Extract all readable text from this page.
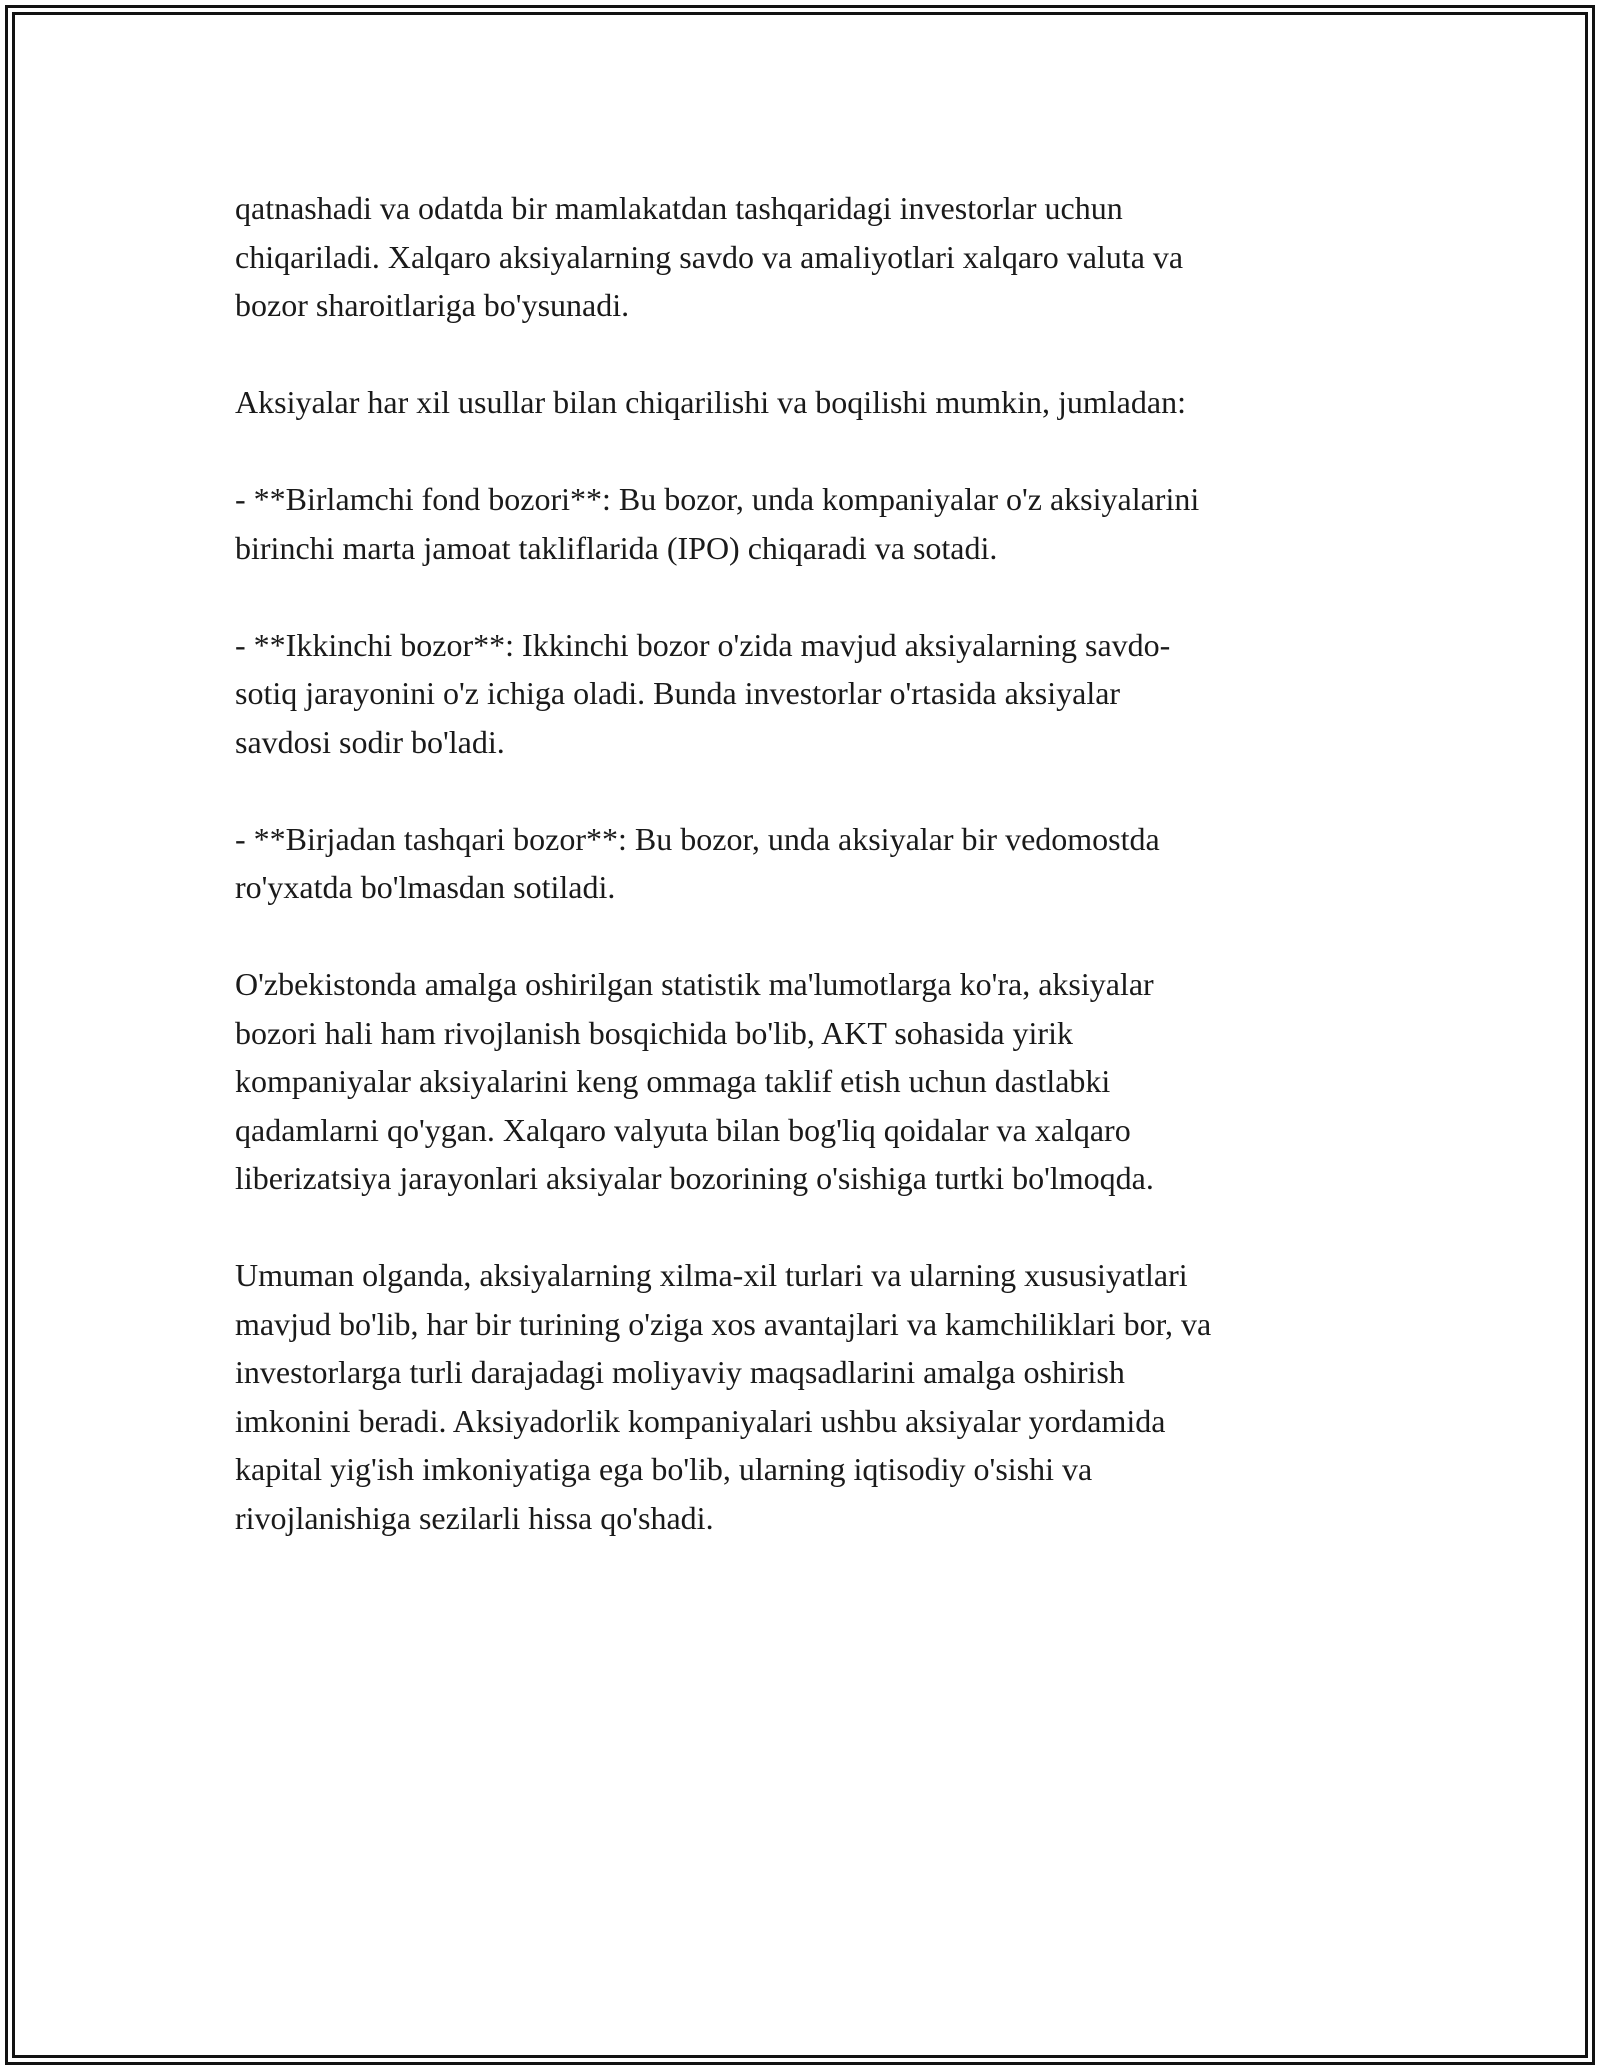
qatnashadi va odatda bir mamlakatdan tashqaridagi investorlar uchun
chiqariladi. Xalqaro aksiyalarning savdo va amaliyotlari xalqaro valuta va
bozor sharoitlariga bo'ysunadi.

Aksiyalar har xil usullar bilan chiqarilishi va boqilishi mumkin, jumladan:

- **Birlamchi fond bozori**: Bu bozor, unda kompaniyalar o'z aksiyalarini
birinchi marta jamoat takliflarida (IPO) chiqaradi va sotadi.

- **Ikkinchi bozor**: Ikkinchi bozor o'zida mavjud aksiyalarning savdo-
sotiq jarayonini o'z ichiga oladi. Bunda investorlar o'rtasida aksiyalar
savdosi sodir bo'ladi.

- **Birjadan tashqari bozor**: Bu bozor, unda aksiyalar bir vedomostda
ro'yxatda bo'lmasdan sotiladi.

O'zbekistonda amalga oshirilgan statistik ma'lumotlarga ko'ra, aksiyalar
bozori hali ham rivojlanish bosqichida bo'lib, AKT sohasida yirik
kompaniyalar aksiyalarini keng ommaga taklif etish uchun dastlabki
qadamlarni qo'ygan. Xalqaro valyuta bilan bog'liq qoidalar va xalqaro
liberizatsiya jarayonlari aksiyalar bozorining o'sishiga turtki bo'lmoqda.

Umuman olganda, aksiyalarning xilma-xil turlari va ularning xususiyatlari
mavjud bo'lib, har bir turining o'ziga xos avantajlari va kamchiliklari bor, va
investorlarga turli darajadagi moliyaviy maqsadlarini amalga oshirish
imkonini beradi. Aksiyadorlik kompaniyalari ushbu aksiyalar yordamida
kapital yig'ish imkoniyatiga ega bo'lib, ularning iqtisodiy o'sishi va
rivojlanishiga sezilarli hissa qo'shadi.
